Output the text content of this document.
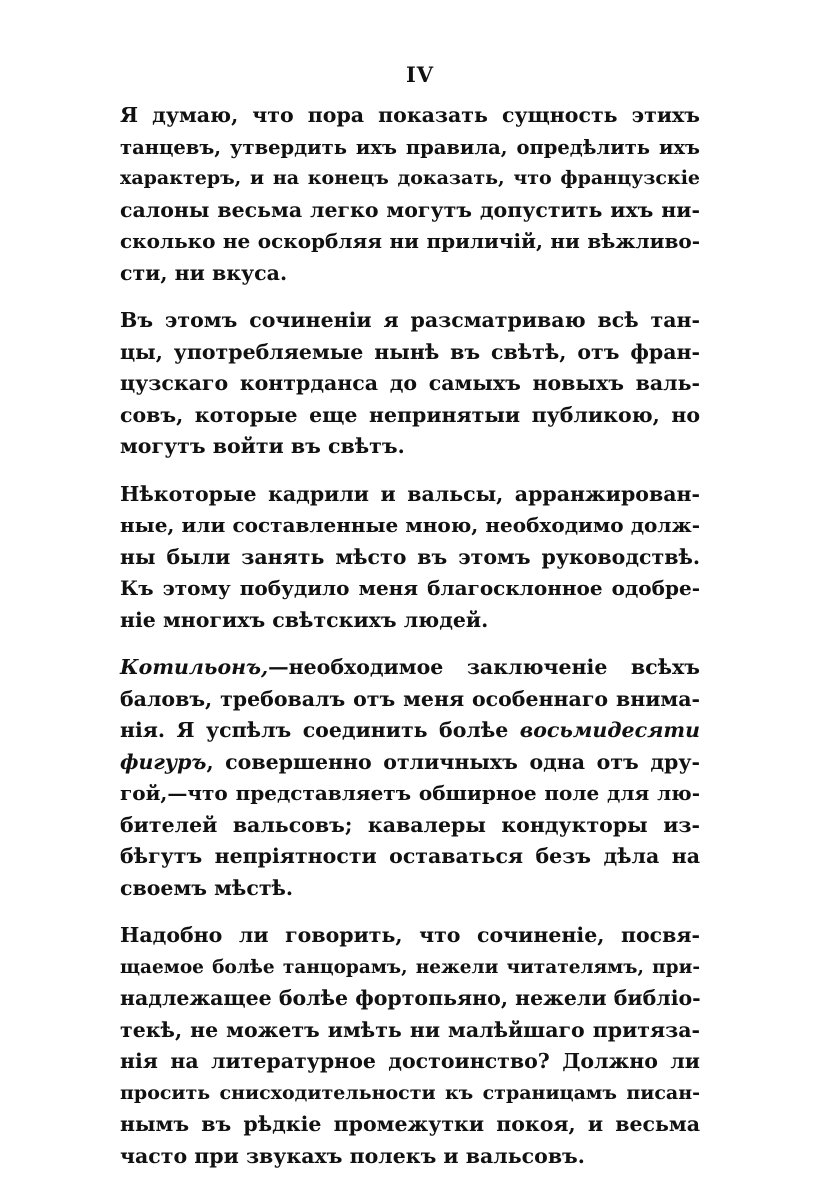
IV
Я думаю, что пора показать сущность этихъ
танцевъ, утвердить ихъ правила, опредѣлить ихъ
характеръ, и на конецъ доказать, что французскіе
салоны весьма легко могутъ допустить ихъ ни-
сколько не оскорбляя ни приличій, ни вѣжливо-
сти, ни вкуса.
Въ этомъ сочиненіи я разсматриваю всѣ тан-
цы, употребляемые нынѣ въ свѣтѣ, отъ фран-
цузскаго контрданса до самыхъ новыхъ валь-
совъ, которые еще непринятыи публикою, но
могутъ войти въ свѣтъ.
Нѣкоторые кадрили и вальсы, арранжирован-
ные, или составленные мною, необходимо долж-
ны были занять мѣсто въ этомъ руководствѣ.
Къ этому побудило меня благосклонное одобре-
ніе многихъ свѣтскихъ людей.
Котильонъ,—необходимое заключеніе всѣхъ
баловъ, требовалъ отъ меня особеннаго внима-
нія. Я успѣлъ соединить болѣе восьмидесяти
фигуръ, совершенно отличныхъ одна отъ дру-
гой,—что представляетъ обширное поле для лю-
бителей вальсовъ; кавалеры кондукторы из-
бѣгутъ непріятности оставаться безъ дѣла на
своемъ мѣстѣ.
Надобно ли говорить, что сочиненіе, посвя-
щаемое болѣе танцорамъ, нежели читателямъ, при-
надлежащее болѣе фортопьяно, нежели библіо-
текѣ, не можетъ имѣть ни малѣйшаго притяза-
нія на литературное достоинство? Должно ли
просить снисходительности къ страницамъ писан-
нымъ въ рѣдкіе промежутки покоя, и весьма
часто при звукахъ полекъ и вальсовъ.
